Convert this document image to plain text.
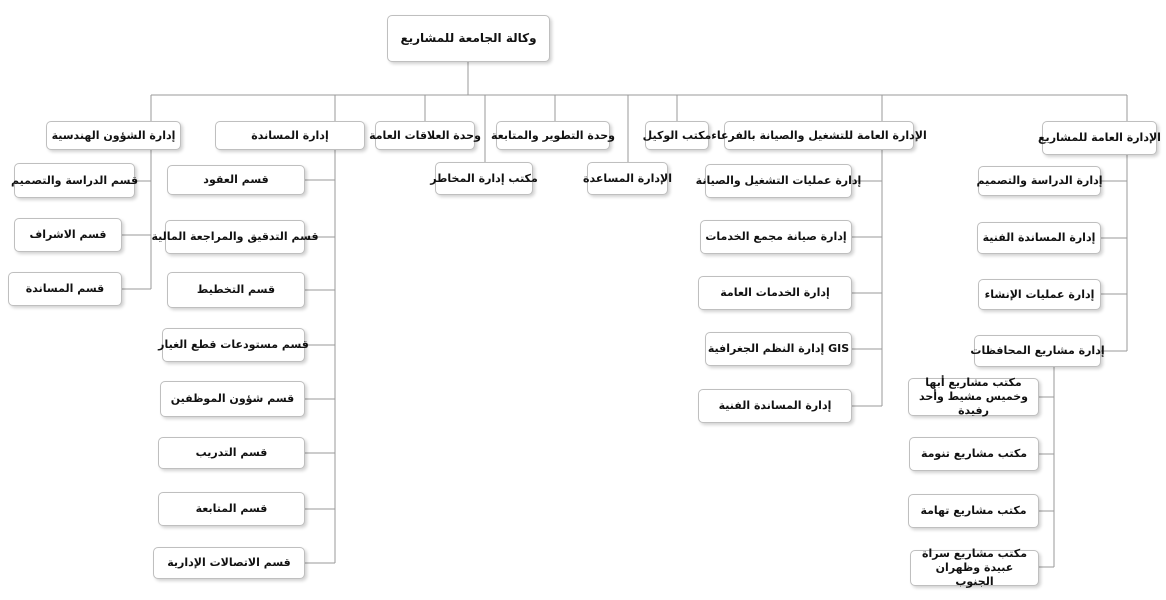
وكالة الجامعة للمشاريع
الإدارة العامة للمشاريع
الإدارة العامة للتشغيل والصيانة بالفرعاء
مكتب الوكيل
الإدارة المساعدة
وحدة التطوير والمتابعة
مكتب إدارة المخاطر
وحدة العلاقات العامة
إدارة المساندة
إدارة الشؤون الهندسية
إدارة الدراسة والتصميم
إدارة المساندة الفنية
إدارة عمليات الإنشاء
إدارة مشاريع المحافظات
مكتب مشاريع أبها وخميس مشيط وأحد رفيدة
مكتب مشاريع تنومة
مكتب مشاريع تهامة
مكتب مشاريع سراة عبيدة وظهران الجنوب
إدارة عمليات التشغيل والصيانة
إدارة صيانة مجمع الخدمات
إدارة الخدمات العامة
GIS إدارة النظم الجغرافية
إدارة المساندة الفنية
قسم العقود
قسم التدقيق والمراجعة المالية
قسم التخطيط
قسم مستودعات قطع الغيار
قسم شؤون الموظفين
قسم التدريب
قسم المتابعة
قسم الاتصالات الإدارية
قسم الدراسة والتصميم
قسم الاشراف
قسم المساندة
